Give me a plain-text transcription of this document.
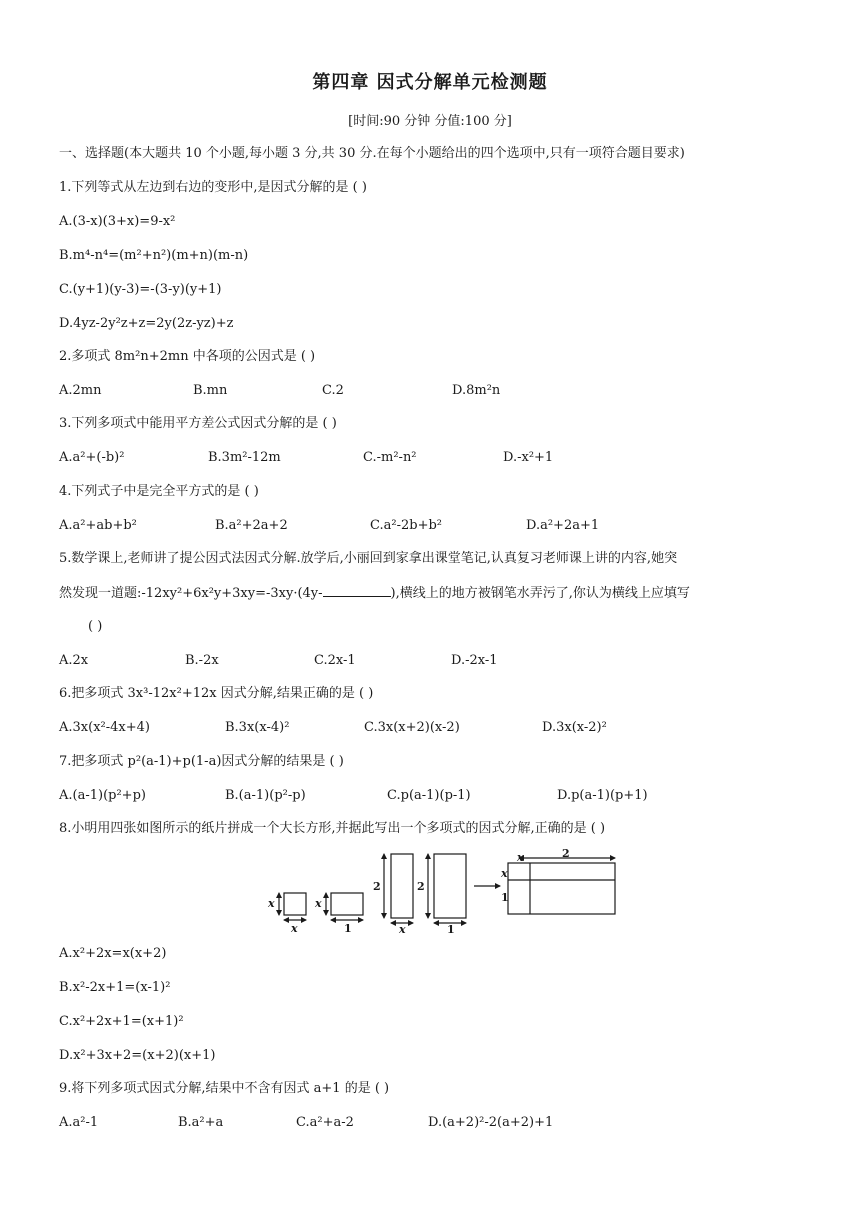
第四章 因式分解单元检测题
[时间:90 分钟 分值:100 分]
一、选择题(本大题共 10 个小题,每小题 3 分,共 30 分.在每个小题给出的四个选项中,只有一项符合题目要求)
1.下列等式从左边到右边的变形中,是因式分解的是 ( )
A.(3-x)(3+x)=9-x²
B.m⁴-n⁴=(m²+n²)(m+n)(m-n)
C.(y+1)(y-3)=-(3-y)(y+1)
D.4yz-2y²z+z=2y(2z-yz)+z
2.多项式 8m²n+2mn 中各项的公因式是 ( )
A.2mn	B.mn	C.2	D.8m²n
3.下列多项式中能用平方差公式因式分解的是 ( )
A.a²+(-b)²	B.3m²-12m	C.-m²-n²	D.-x²+1
4.下列式子中是完全平方式的是 ( )
A.a²+ab+b²	B.a²+2a+2	C.a²-2b+b²	D.a²+2a+1
5.数学课上,老师讲了提公因式法因式分解.放学后,小丽回到家拿出课堂笔记,认真复习老师课上讲的内容,她突
然发现一道题:-12xy²+6x²y+3xy=-3xy·(4y-	),横线上的地方被钢笔水弄污了,你认为横线上应填写
( )
A.2x	B.-2x	C.2x-1	D.-2x-1
6.把多项式 3x³-12x²+12x 因式分解,结果正确的是 ( )
A.3x(x²-4x+4)	B.3x(x-4)²	C.3x(x+2)(x-2)	D.3x(x-2)²
7.把多项式 p²(a-1)+p(1-a)因式分解的结果是 ( )
A.(a-1)(p²+p)	B.(a-1)(p²-p)	C.p(a-1)(p-1)	D.p(a-1)(p+1)
8.小明用四张如图所示的纸片拼成一个大长方形,并据此写出一个多项式的因式分解,正确的是 ( )
x
x
x
1
2
x
2
1
x	2
x
1
A.x²+2x=x(x+2)
B.x²-2x+1=(x-1)²
C.x²+2x+1=(x+1)²
D.x²+3x+2=(x+2)(x+1)
9.将下列多项式因式分解,结果中不含有因式 a+1 的是 ( )
A.a²-1	B.a²+a	C.a²+a-2	D.(a+2)²-2(a+2)+1
